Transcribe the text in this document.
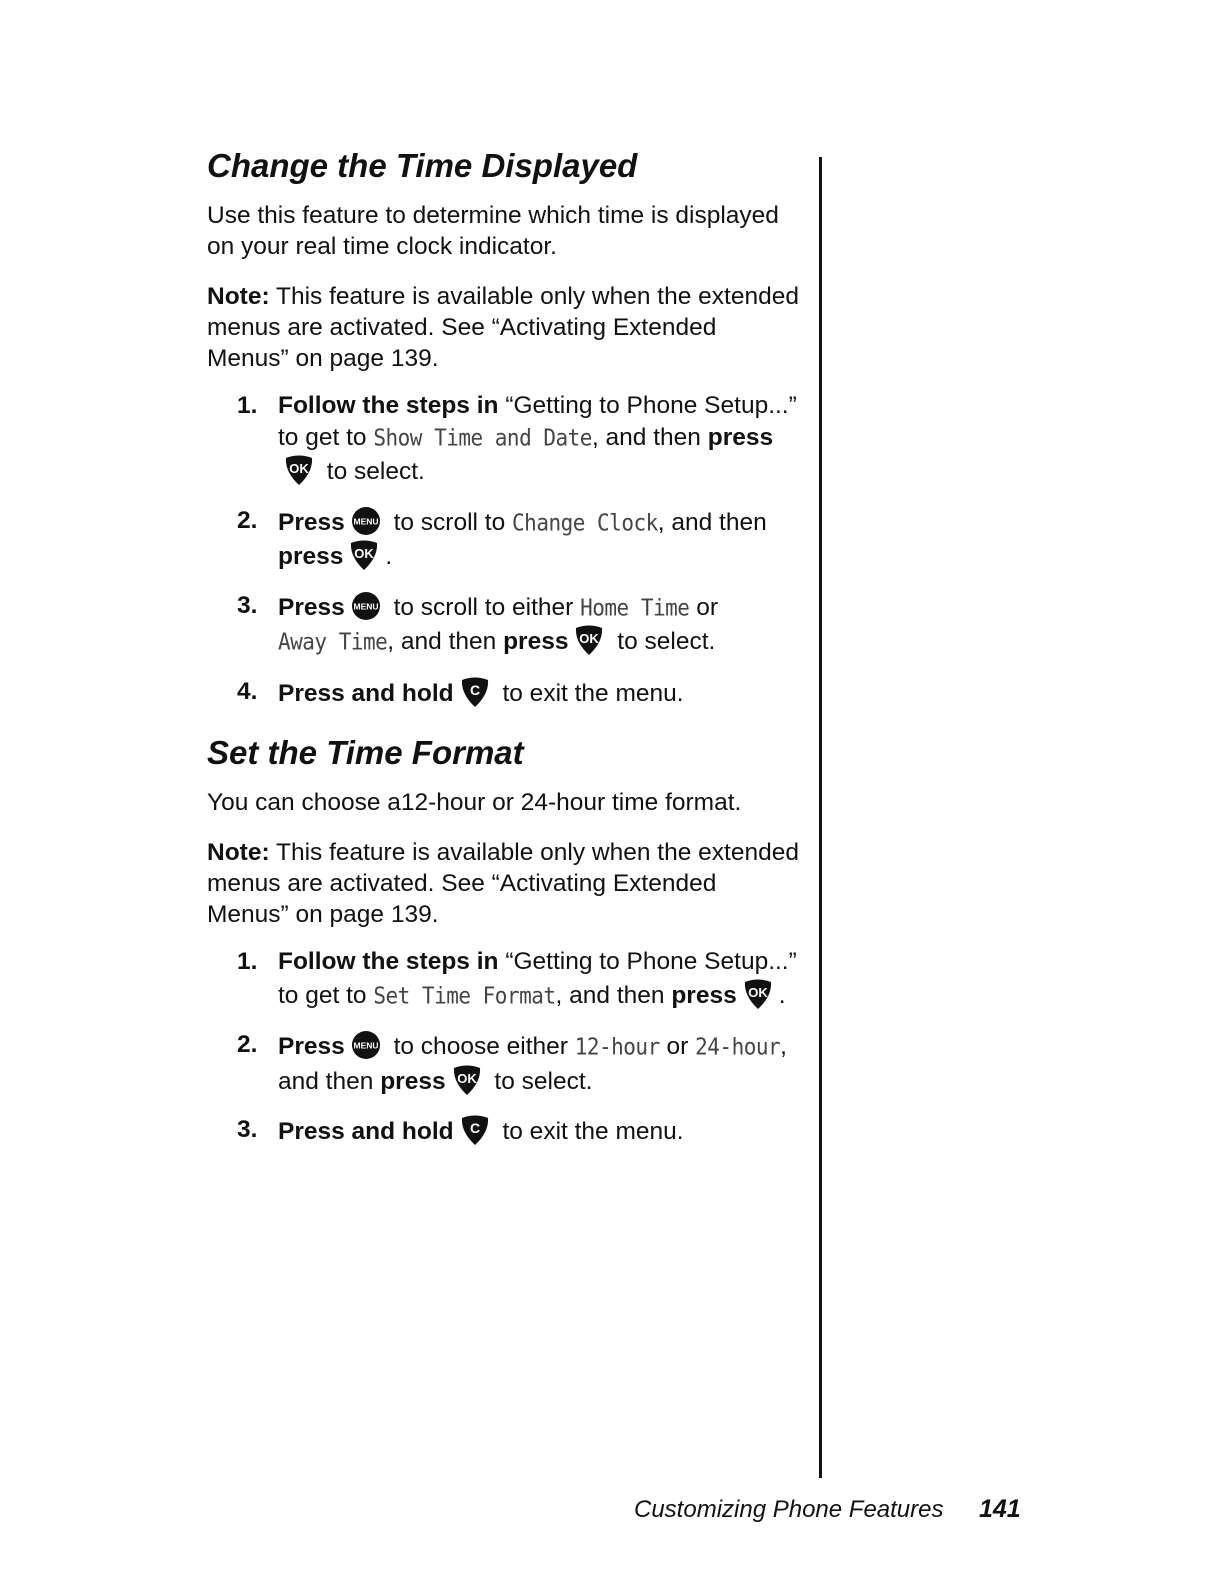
Change the Time Displayed

Use this feature to determine which time is displayed on your real time clock indicator.

Note: This feature is available only when the extended menus are activated. See “Activating Extended Menus” on page 139.

1. Follow the steps in “Getting to Phone Setup...” to get to Show Time and Date, and then press
OK to select.
2. Press MENU to scroll to Change Clock, and then press OK .
3. Press MENU to scroll to either Home Time or Away Time, and then press OK to select.
4. Press and hold C to exit the menu.
Set the Time Format

You can choose a12-hour or 24-hour time format.

Note: This feature is available only when the extended menus are activated. See “Activating Extended Menus” on page 139.

1. Follow the steps in “Getting to Phone Setup...” to get to Set Time Format, and then press OK .
2. Press MENU to choose either 12-hour or 24-hour, and then press OK to select.
3. Press and hold C to exit the menu.
Customizing Phone Features 141
